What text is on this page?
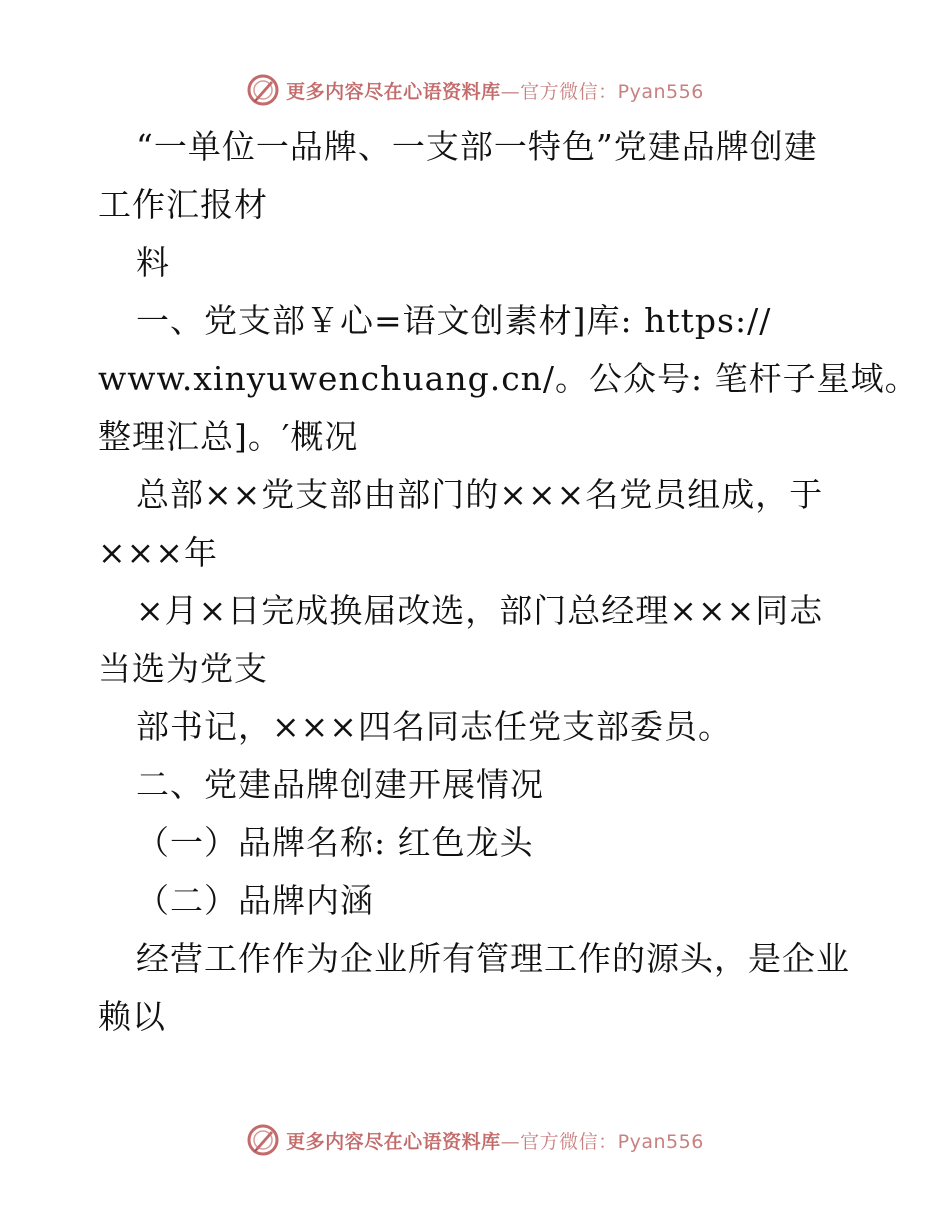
更多内容尽在心语资料库—官方微信：Pyan556
“一单位一品牌、一支部一特色”党建品牌创建
工作汇报材
料
一、党支部￥心=语文创素材]库: https://
www.xinyuwenchuang.cn/。公众号: 笔杆子星域。
整理汇总]。′概况
总部××党支部由部门的×××名党员组成，于
×××年
×月×日完成换届改选，部门总经理×××同志
当选为党支
部书记，×××四名同志任党支部委员。
二、党建品牌创建开展情况
（一）品牌名称: 红色龙头
（二）品牌内涵
经营工作作为企业所有管理工作的源头，是企业
赖以
更多内容尽在心语资料库—官方微信：Pyan556
